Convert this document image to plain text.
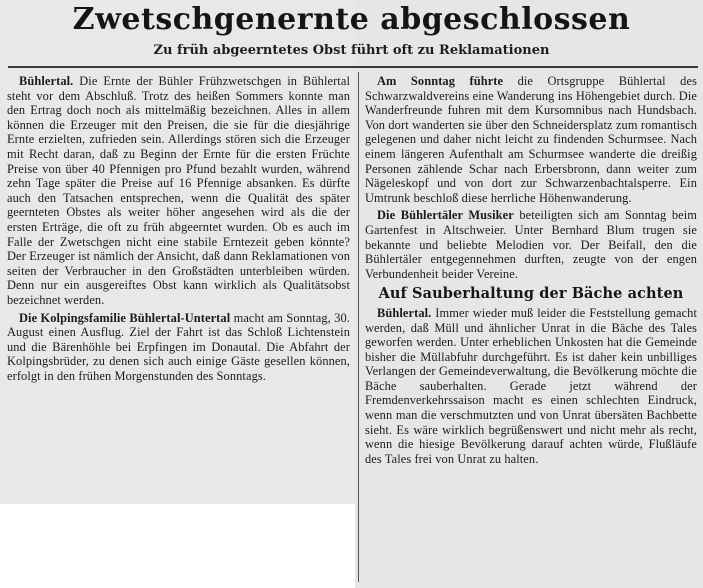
Zwetschgenernte abgeschlossen
Zu früh abgeerntetes Obst führt oft zu Reklamationen

Bühlertal. Die Ernte der Bühler Frühzwetschgen in Bühlertal steht vor dem Abschluß. Trotz des heißen Sommers konnte man den Ertrag doch noch als mittelmäßig bezeichnen. Alles in allem können die Erzeuger mit den Preisen, die sie für die diesjährige Ernte erzielten, zufrieden sein. Allerdings stören sich die Erzeuger mit Recht daran, daß zu Beginn der Ernte für die ersten Früchte Preise von über 40 Pfennigen pro Pfund bezahlt wurden, während zehn Tage später die Preise auf 16 Pfennige absanken. Es dürfte auch den Tatsachen entsprechen, wenn die Qualität des später geernteten Obstes als weiter höher angesehen wird als die der ersten Erträge, die oft zu früh abgeerntet wurden. Ob es auch im Falle der Zwetschgen nicht eine stabile Erntezeit geben könnte? Der Erzeuger ist nämlich der Ansicht, daß dann Reklamationen von seiten der Verbraucher in den Großstädten unterbleiben würden. Denn nur ein ausgereiftes Obst kann wirklich als Qualitätsobst bezeichnet werden.

Die Kolpingsfamilie Bühlertal-Untertal macht am Sonntag, 30. August einen Ausflug. Ziel der Fahrt ist das Schloß Lichtenstein und die Bärenhöhle bei Erpfingen im Donautal. Die Abfahrt der Kolpingsbrüder, zu denen sich auch einige Gäste gesellen können, erfolgt in den frühen Morgenstunden des Sonntags.

Am Sonntag führte die Ortsgruppe Bühlertal des Schwarzwaldvereins eine Wanderung ins Höhengebiet durch. Die Wanderfreunde fuhren mit dem Kursomnibus nach Hundsbach. Von dort wanderten sie über den Schneidersplatz zum romantisch gelegenen und daher nicht leicht zu findenden Schurmsee. Nach einem längeren Aufenthalt am Schurmsee wanderte die dreißig Personen zählende Schar nach Erbersbronn, dann weiter zum Nägeleskopf und von dort zur Schwarzenbachtalsperre. Ein Umtrunk beschloß diese herrliche Höhenwanderung.

Die Bühlertäler Musiker beteiligten sich am Sonntag beim Gartenfest in Altschweier. Unter Bernhard Blum trugen sie bekannte und beliebte Melodien vor. Der Beifall, den die Bühlertäler entgegennehmen durften, zeugte von der engen Verbundenheit beider Vereine.

Auf Sauberhaltung der Bäche achten

Bühlertal. Immer wieder muß leider die Feststellung gemacht werden, daß Müll und ähnlicher Unrat in die Bäche des Tales geworfen werden. Unter erheblichen Unkosten hat die Gemeinde bisher die Müllabfuhr durchgeführt. Es ist daher kein unbilliges Verlangen der Gemeindeverwaltung, die Bevölkerung möchte die Bäche sauberhalten. Gerade jetzt während der Fremdenverkehrssaison macht es einen schlechten Eindruck, wenn man die verschmutzten und von Unrat übersäten Bachbette sieht. Es wäre wirklich begrüßenswert und nicht mehr als recht, wenn die hiesige Bevölkerung darauf achten würde, Flußläufe des Tales frei von Unrat zu halten.
